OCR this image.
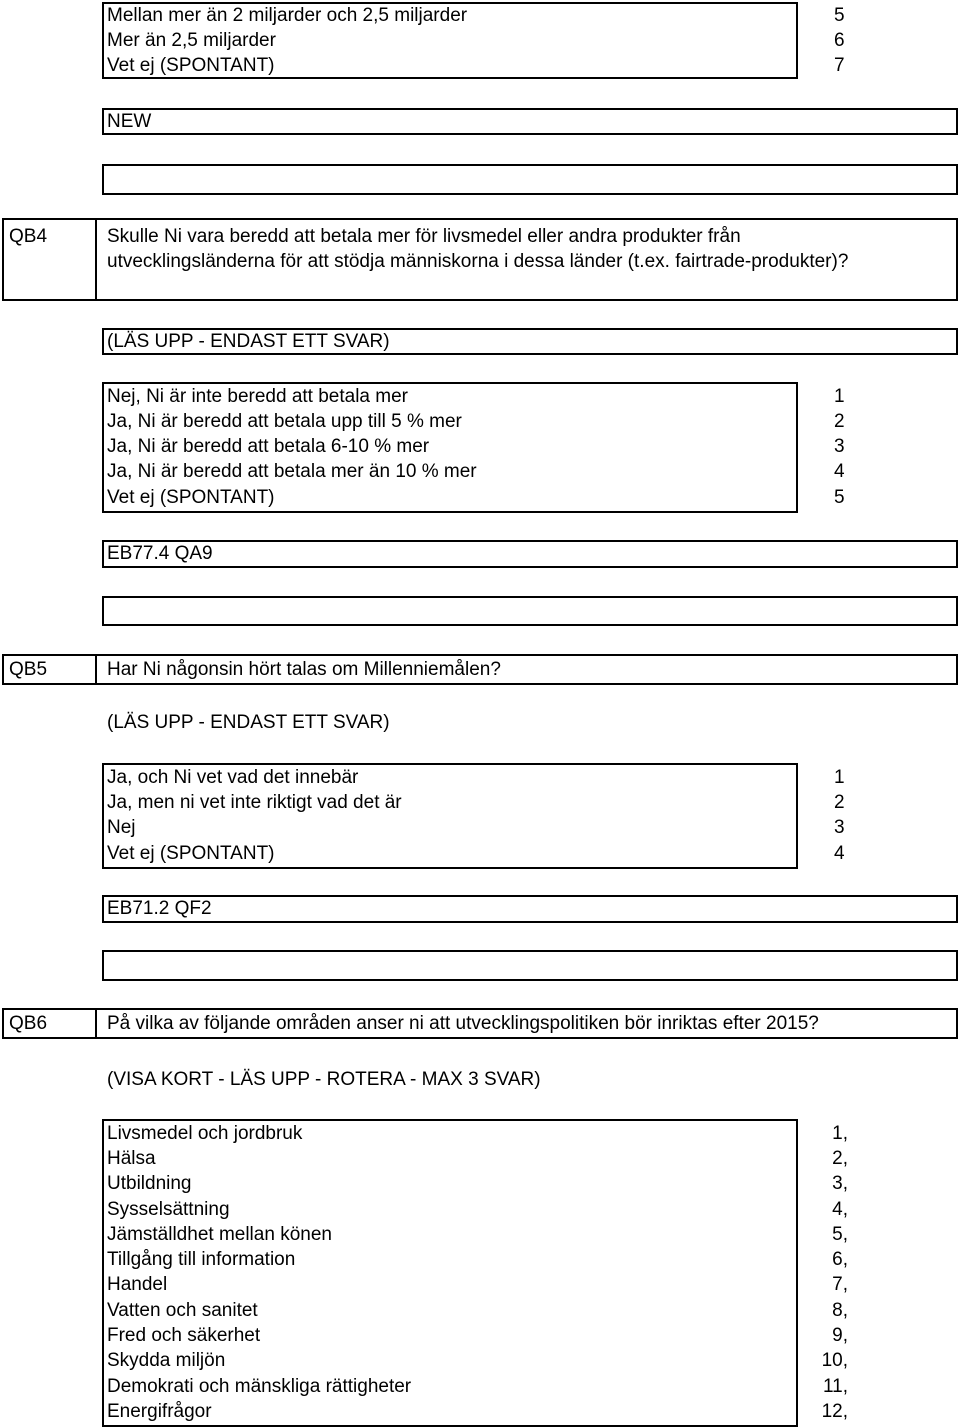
Mellan mer än 2 miljarder och 2,5 miljarder	5
Mer än 2,5 miljarder	6
Vet ej (SPONTANT)	7
NEW
QB4	Skulle Ni vara beredd att betala mer för livsmedel eller andra produkter från
utvecklingsländerna för att stödja människorna i dessa länder (t.ex. fairtrade-produkter)?
(LÄS UPP - ENDAST ETT SVAR)
Nej, Ni är inte beredd att betala mer	1
Ja, Ni är beredd att betala upp till 5 % mer	2
Ja, Ni är beredd att betala 6-10 % mer	3
Ja, Ni är beredd att betala mer än 10 % mer	4
Vet ej (SPONTANT)	5
EB77.4 QA9
QB5	Har Ni någonsin hört talas om Millenniemålen?
(LÄS UPP - ENDAST ETT SVAR)
Ja, och Ni vet vad det innebär	1
Ja, men ni vet inte riktigt vad det är	2
Nej	3
Vet ej (SPONTANT)	4
EB71.2 QF2
QB6	På vilka av följande områden anser ni att utvecklingspolitiken bör inriktas efter 2015?
(VISA KORT - LÄS UPP - ROTERA - MAX 3 SVAR)
Livsmedel och jordbruk	1,
Hälsa	2,
Utbildning	3,
Sysselsättning	4,
Jämställdhet mellan könen	5,
Tillgång till information	6,
Handel	7,
Vatten och sanitet	8,
Fred och säkerhet	9,
Skydda miljön	10,
Demokrati och mänskliga rättigheter	11,
Energifrågor	12,
